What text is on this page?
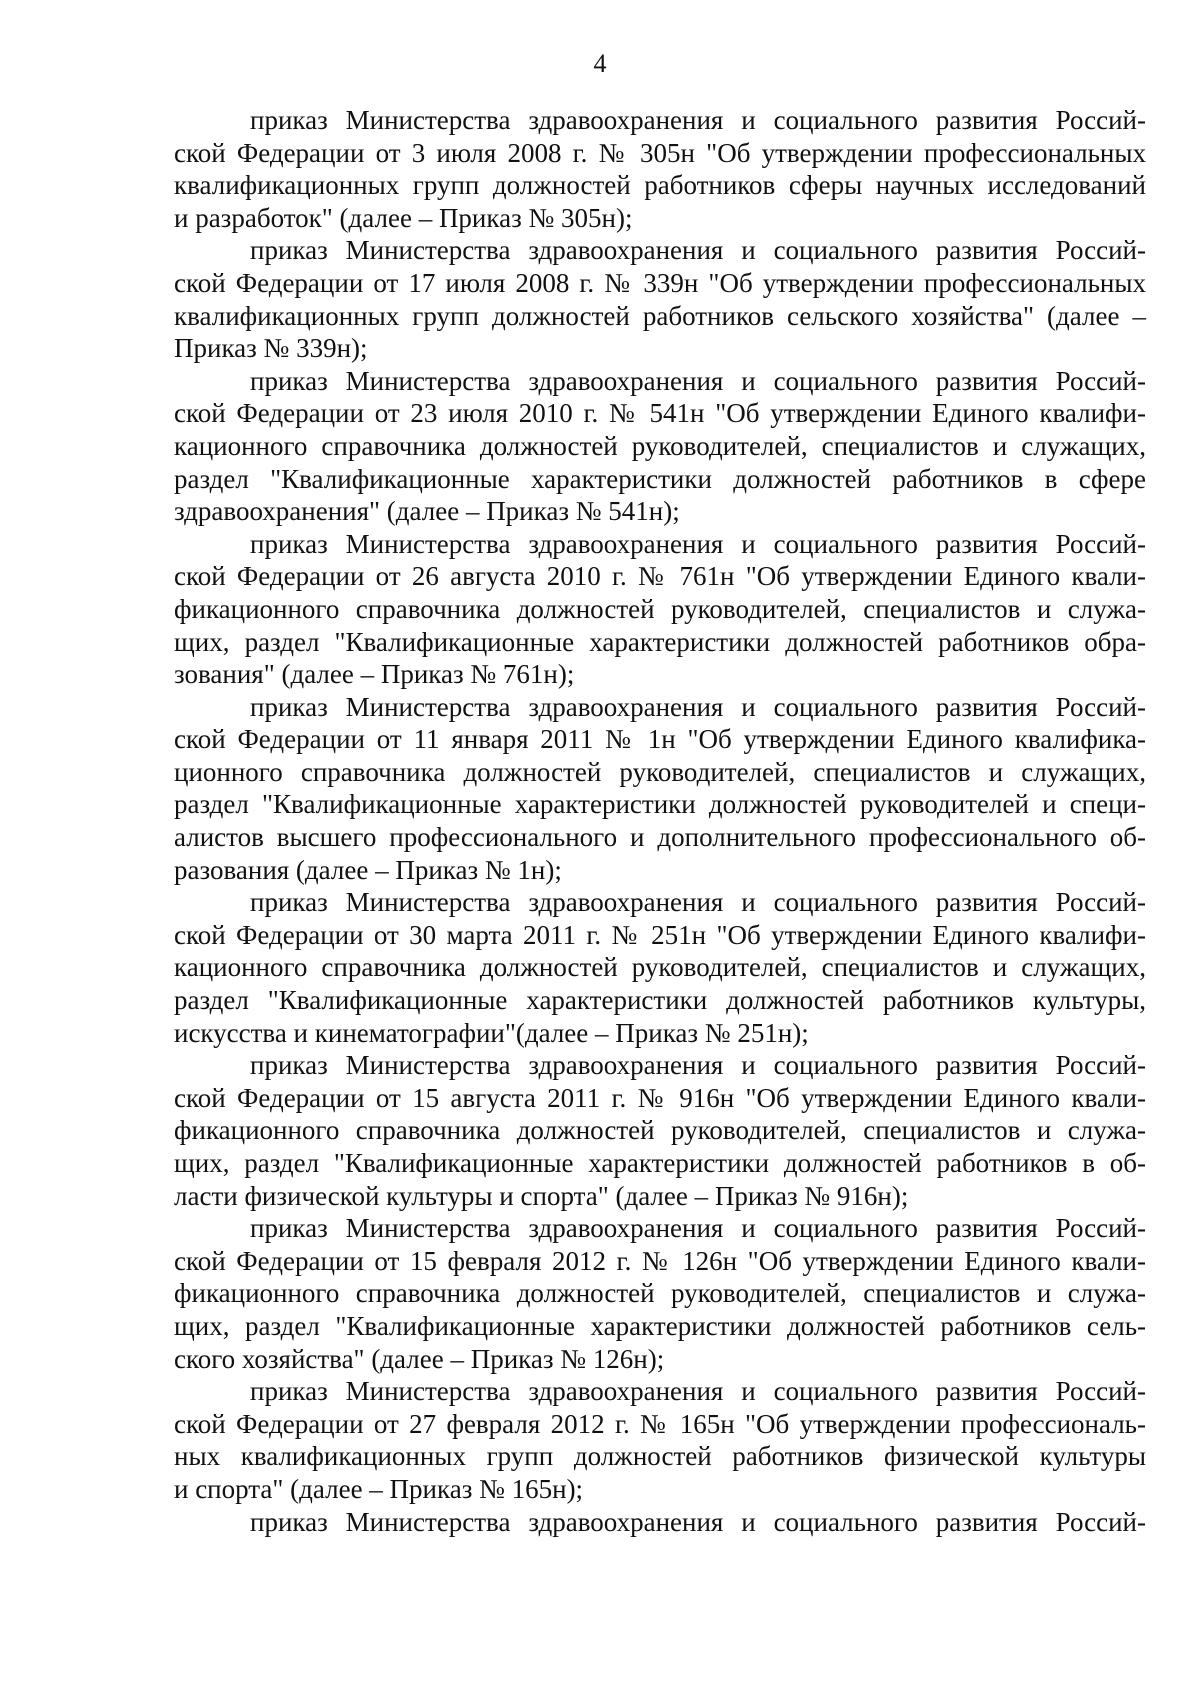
4
приказ Министерства здравоохранения и социального развития Россий-
ской Федерации от 3 июля 2008 г. № 305н "Об утверждении профессиональных
квалификационных групп должностей работников сферы научных исследований
и разработок" (далее – Приказ № 305н);
приказ Министерства здравоохранения и социального развития Россий-
ской Федерации от 17 июля 2008 г. № 339н "Об утверждении профессиональных
квалификационных групп должностей работников сельского хозяйства" (далее –
Приказ № 339н);
приказ Министерства здравоохранения и социального развития Россий-
ской Федерации от 23 июля 2010 г. № 541н "Об утверждении Единого квалифи-
кационного справочника должностей руководителей, специалистов и служащих,
раздел "Квалификационные характеристики должностей работников в сфере
здравоохранения" (далее – Приказ № 541н);
приказ Министерства здравоохранения и социального развития Россий-
ской Федерации от 26 августа 2010 г. № 761н "Об утверждении Единого квали-
фикационного справочника должностей руководителей, специалистов и служа-
щих, раздел "Квалификационные характеристики должностей работников обра-
зования" (далее – Приказ № 761н);
приказ Министерства здравоохранения и социального развития Россий-
ской Федерации от 11 января 2011 № 1н "Об утверждении Единого квалифика-
ционного справочника должностей руководителей, специалистов и служащих,
раздел "Квалификационные характеристики должностей руководителей и специ-
алистов высшего профессионального и дополнительного профессионального об-
разования (далее – Приказ № 1н);
приказ Министерства здравоохранения и социального развития Россий-
ской Федерации от 30 марта 2011 г. № 251н "Об утверждении Единого квалифи-
кационного справочника должностей руководителей, специалистов и служащих,
раздел "Квалификационные характеристики должностей работников культуры,
искусства и кинематографии"(далее – Приказ № 251н);
приказ Министерства здравоохранения и социального развития Россий-
ской Федерации от 15 августа 2011 г. № 916н "Об утверждении Единого квали-
фикационного справочника должностей руководителей, специалистов и служа-
щих, раздел "Квалификационные характеристики должностей работников в об-
ласти физической культуры и спорта" (далее – Приказ № 916н);
приказ Министерства здравоохранения и социального развития Россий-
ской Федерации от 15 февраля 2012 г. № 126н "Об утверждении Единого квали-
фикационного справочника должностей руководителей, специалистов и служа-
щих, раздел "Квалификационные характеристики должностей работников сель-
ского хозяйства" (далее – Приказ № 126н);
приказ Министерства здравоохранения и социального развития Россий-
ской Федерации от 27 февраля 2012 г. № 165н "Об утверждении профессиональ-
ных квалификационных групп должностей работников физической культуры
и спорта" (далее – Приказ № 165н);
приказ Министерства здравоохранения и социального развития Россий-
